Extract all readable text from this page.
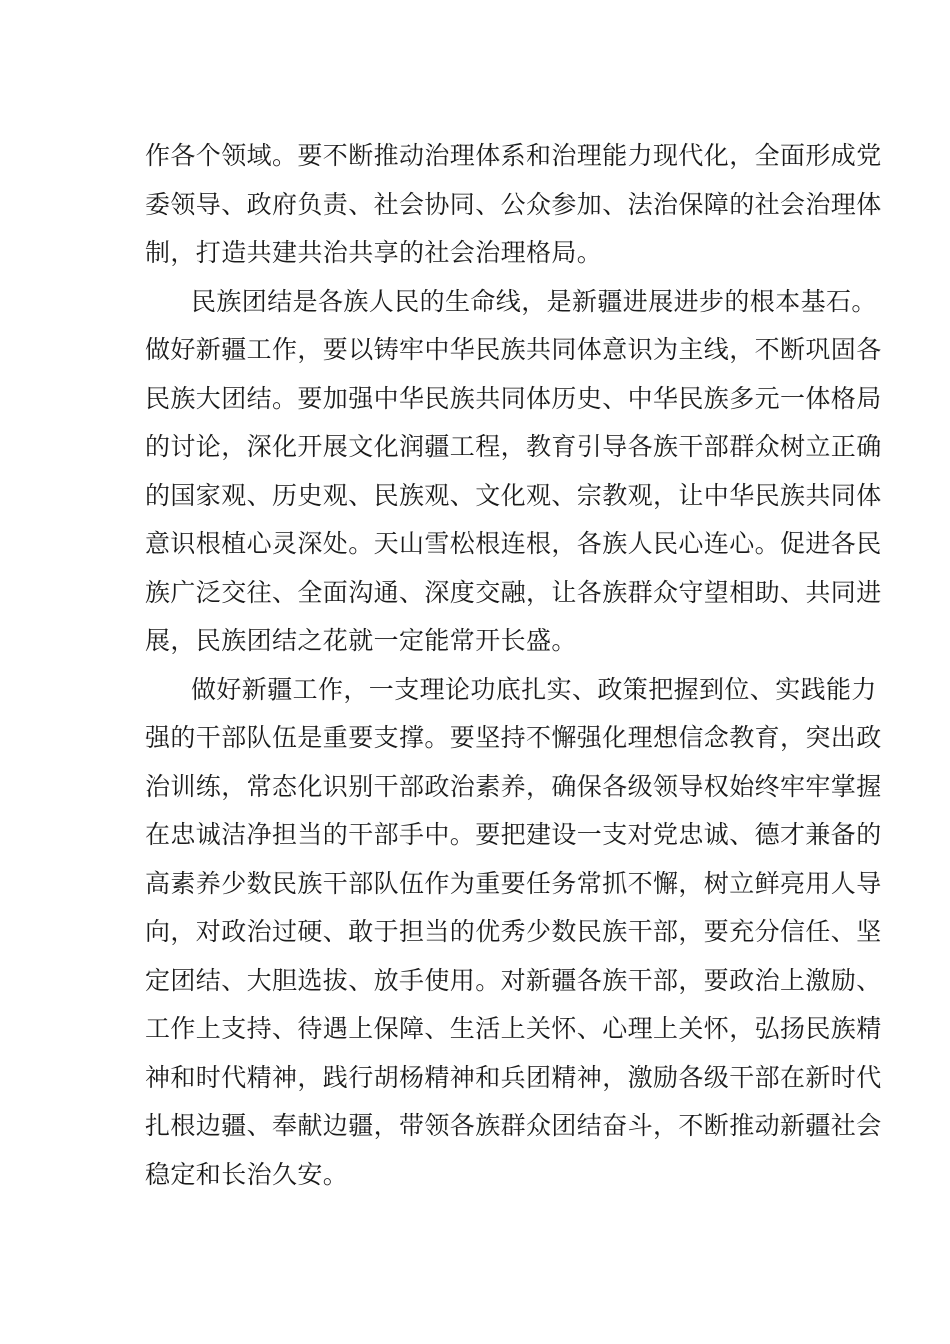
作各个领域。要不断推动治理体系和治理能力现代化，全面形成党
委领导、政府负责、社会协同、公众参加、法治保障的社会治理体
制，打造共建共治共享的社会治理格局。
民族团结是各族人民的生命线，是新疆进展进步的根本基石。
做好新疆工作，要以铸牢中华民族共同体意识为主线，不断巩固各
民族大团结。要加强中华民族共同体历史、中华民族多元一体格局
的讨论，深化开展文化润疆工程，教育引导各族干部群众树立正确
的国家观、历史观、民族观、文化观、宗教观，让中华民族共同体
意识根植心灵深处。天山雪松根连根，各族人民心连心。促进各民
族广泛交往、全面沟通、深度交融，让各族群众守望相助、共同进
展，民族团结之花就一定能常开长盛。
做好新疆工作，一支理论功底扎实、政策把握到位、实践能力
强的干部队伍是重要支撑。要坚持不懈强化理想信念教育，突出政
治训练，常态化识别干部政治素养，确保各级领导权始终牢牢掌握
在忠诚洁净担当的干部手中。要把建设一支对党忠诚、德才兼备的
高素养少数民族干部队伍作为重要任务常抓不懈，树立鲜亮用人导
向，对政治过硬、敢于担当的优秀少数民族干部，要充分信任、坚
定团结、大胆选拔、放手使用。对新疆各族干部，要政治上激励、
工作上支持、待遇上保障、生活上关怀、心理上关怀，弘扬民族精
神和时代精神，践行胡杨精神和兵团精神，激励各级干部在新时代
扎根边疆、奉献边疆，带领各族群众团结奋斗，不断推动新疆社会
稳定和长治久安。
